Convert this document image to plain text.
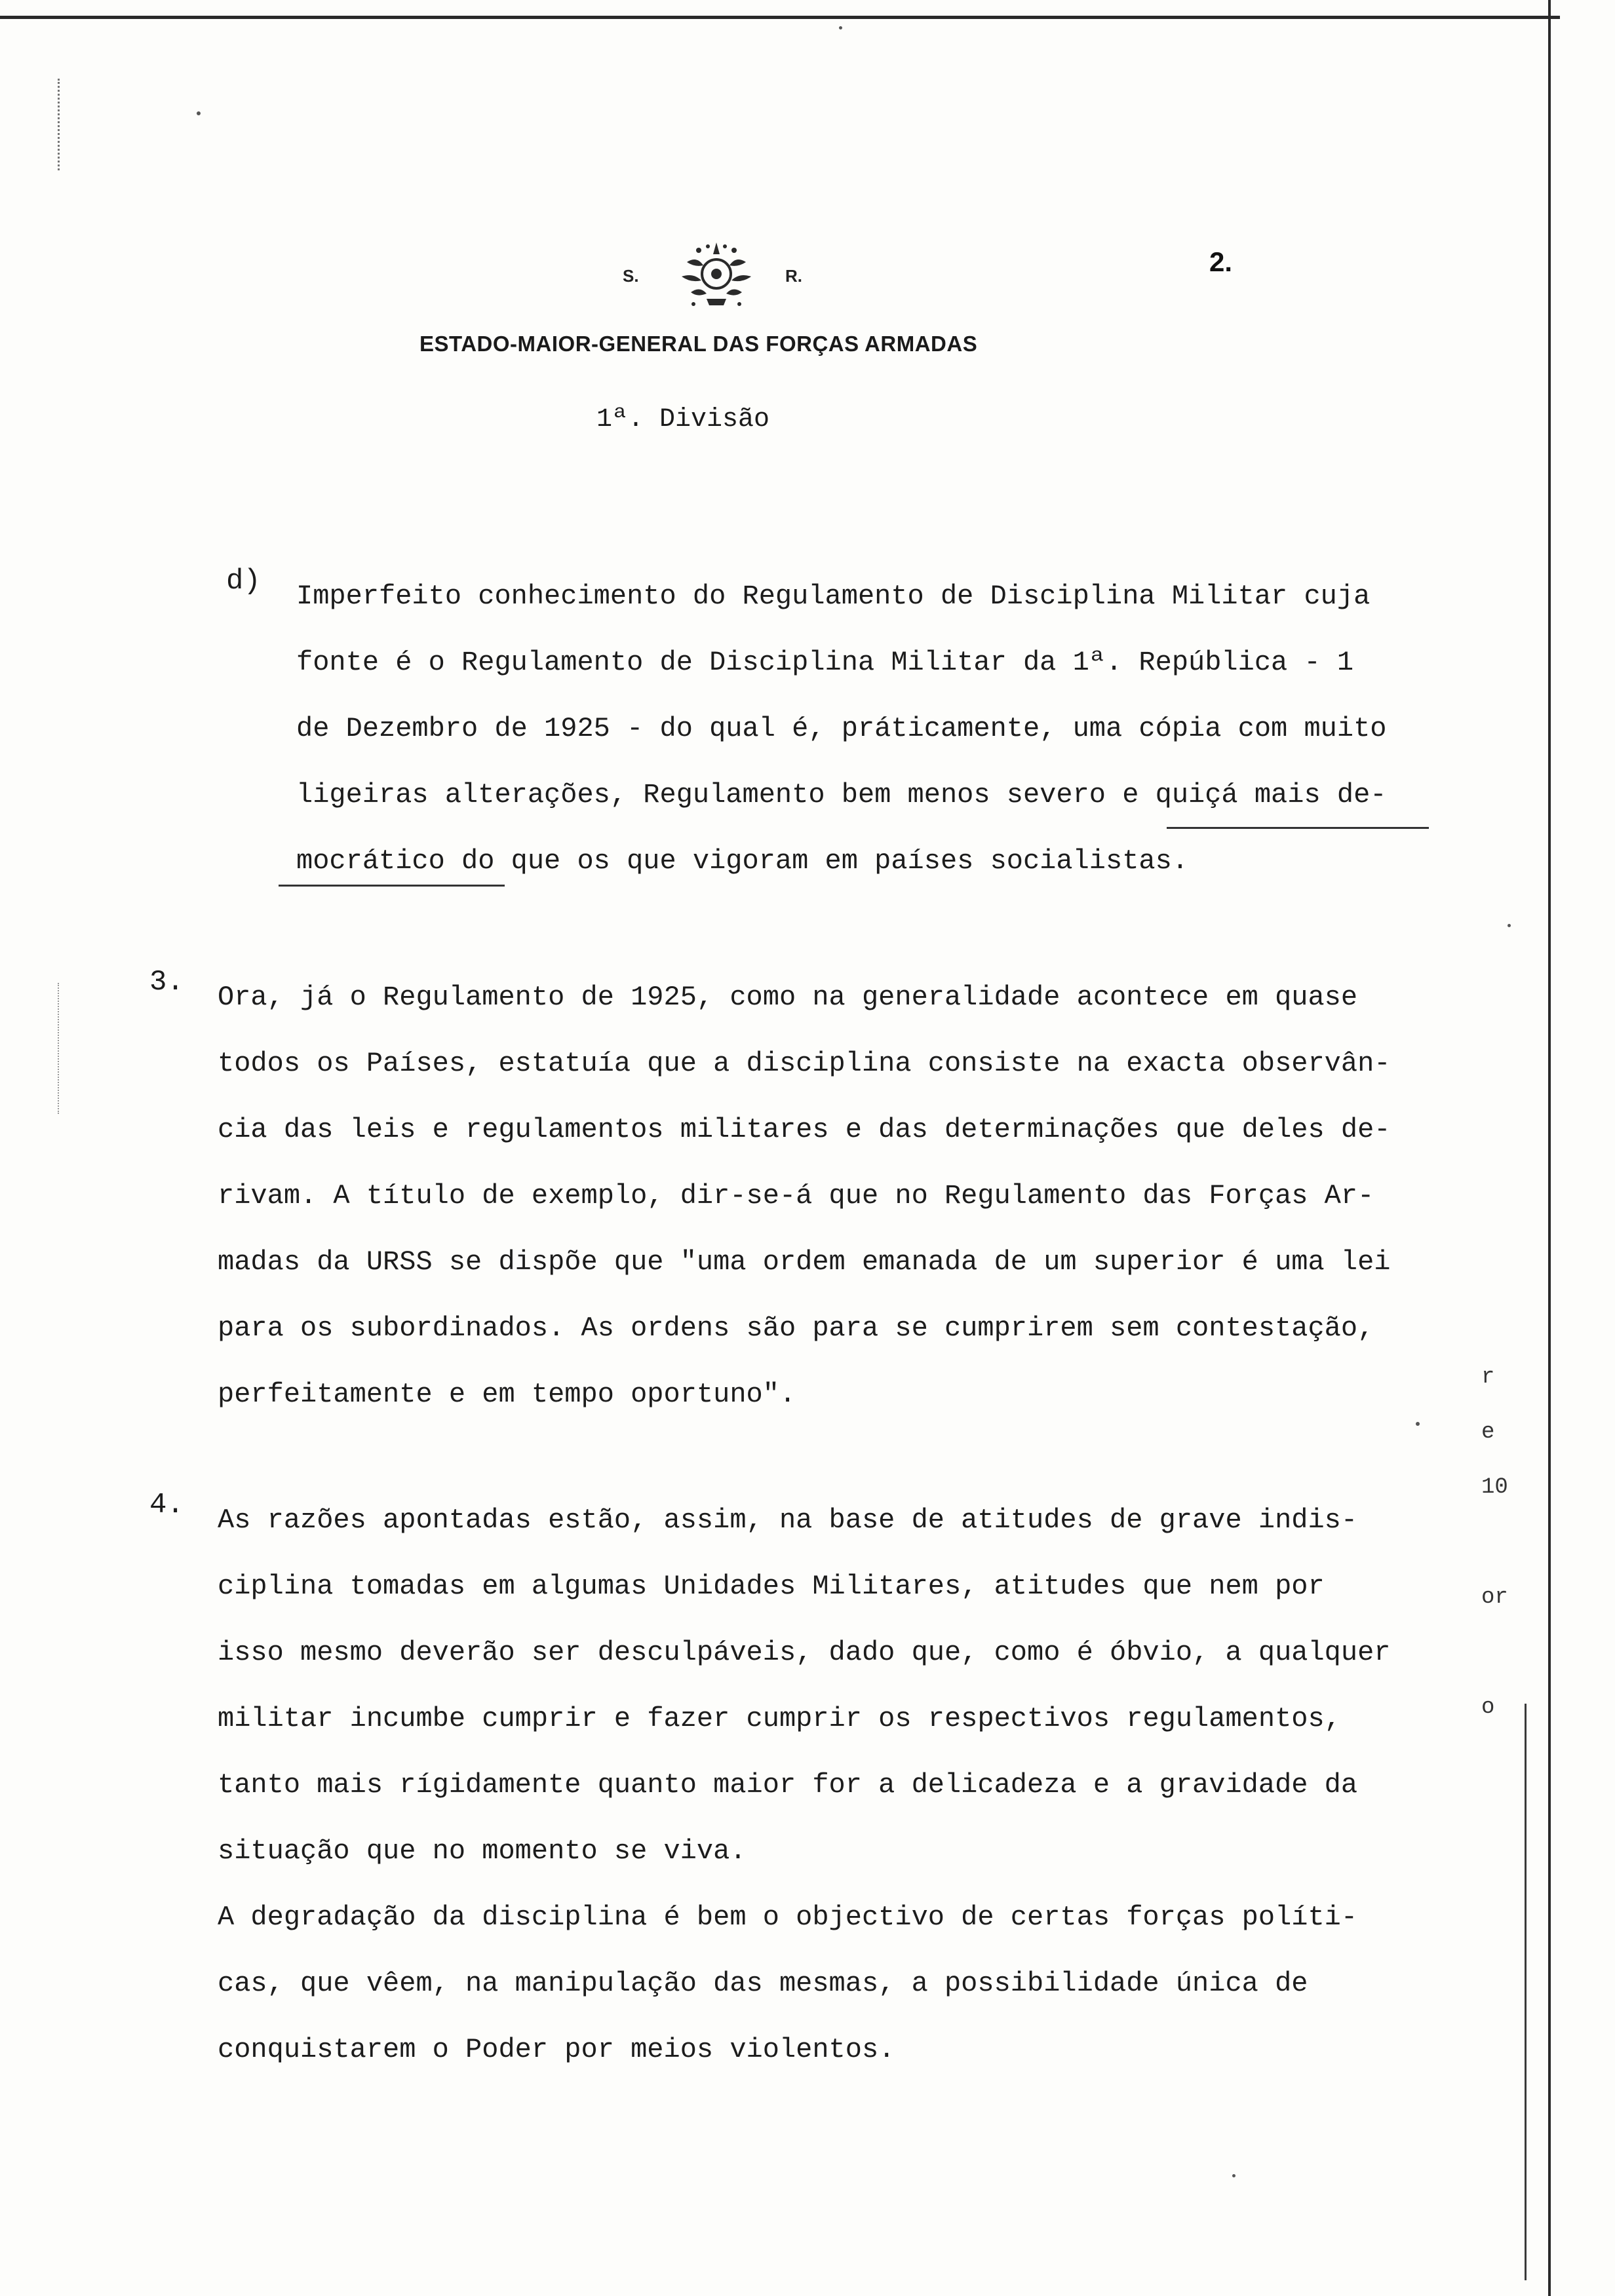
r
e
10
or
o
S.	R.	2.
ESTADO-MAIOR-GENERAL DAS FORÇAS ARMADAS
1ª. Divisão
d) Imperfeito conhecimento do Regulamento de Disciplina Militar cuja
fonte é o Regulamento de Disciplina Militar da 1ª. República - 1
de Dezembro de 1925 - do qual é, práticamente, uma cópia com muito
ligeiras alterações, Regulamento bem menos severo e quiçá mais de-
mocrático do que os que vigoram em países socialistas.
3. Ora, já o Regulamento de 1925, como na generalidade acontece em quase
todos os Países, estatuía que a disciplina consiste na exacta observân-
cia das leis e regulamentos militares e das determinações que deles de-
rivam. A título de exemplo, dir-se-á que no Regulamento das Forças Ar-
madas da URSS se dispõe que "uma ordem emanada de um superior é uma lei
para os subordinados. As ordens são para se cumprirem sem contestação,
perfeitamente e em tempo oportuno".
4. As razões apontadas estão, assim, na base de atitudes de grave indis-
ciplina tomadas em algumas Unidades Militares, atitudes que nem por
isso mesmo deverão ser desculpáveis, dado que, como é óbvio, a qualquer
militar incumbe cumprir e fazer cumprir os respectivos regulamentos,
tanto mais rígidamente quanto maior for a delicadeza e a gravidade da
situação que no momento se viva.
A degradação da disciplina é bem o objectivo de certas forças políti-
cas, que vêem, na manipulação das mesmas, a possibilidade única de
conquistarem o Poder por meios violentos.
